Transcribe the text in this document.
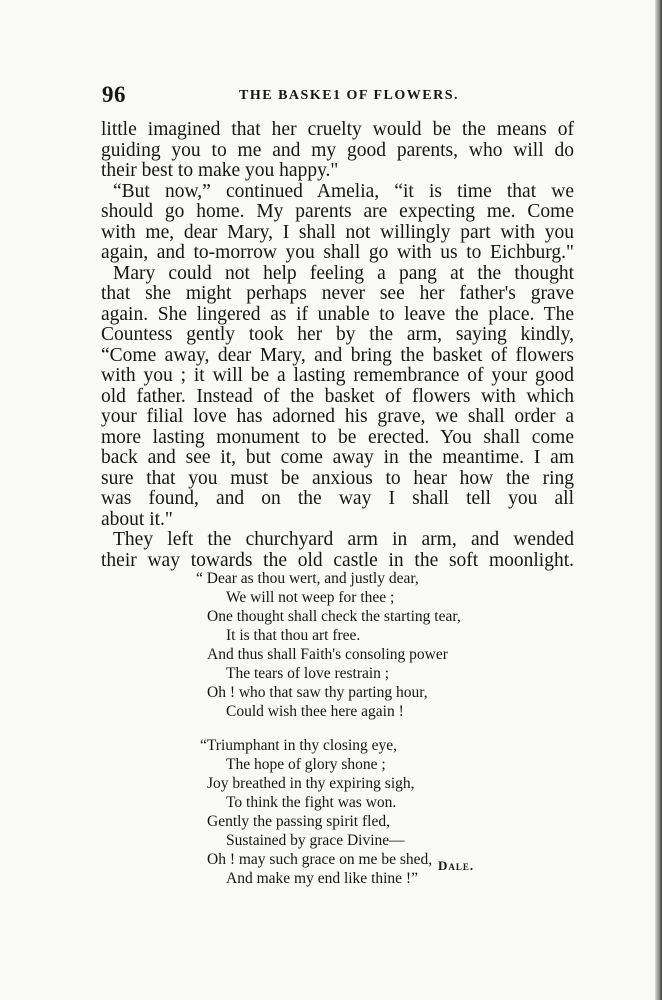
96	THE BASKE1 OF FLOWERS.
little imagined that her cruelty would be the means of
guiding you to me and my good parents, who will do
their best to make you happy."
“But now,” continued Amelia, “it is time that we
should go home. My parents are expecting me. Come
with me, dear Mary, I shall not willingly part with you
again, and to-morrow you shall go with us to Eichburg."
Mary could not help feeling a pang at the thought
that she might perhaps never see her father's grave
again. She lingered as if unable to leave the place. The
Countess gently took her by the arm, saying kindly,
“Come away, dear Mary, and bring the basket of flowers
with you ; it will be a lasting remembrance of your good
old father. Instead of the basket of flowers with which
your filial love has adorned his grave, we shall order a
more lasting monument to be erected. You shall come
back and see it, but come away in the meantime. I am
sure that you must be anxious to hear how the ring
was found, and on the way I shall tell you all
about it."
They left the churchyard arm in arm, and wended
their way towards the old castle in the soft moonlight.
“ Dear as thou wert, and justly dear,
We will not weep for thee ;
One thought shall check the starting tear,
It is that thou art free.
And thus shall Faith's consoling power
The tears of love restrain ;
Oh ! who that saw thy parting hour,
Could wish thee here again !
“Triumphant in thy closing eye,
The hope of glory shone ;
Joy breathed in thy expiring sigh,
To think the fight was won.
Gently the passing spirit fled,
Sustained by grace Divine—
Oh ! may such grace on me be shed,
And make my end like thine !”
Dale.
